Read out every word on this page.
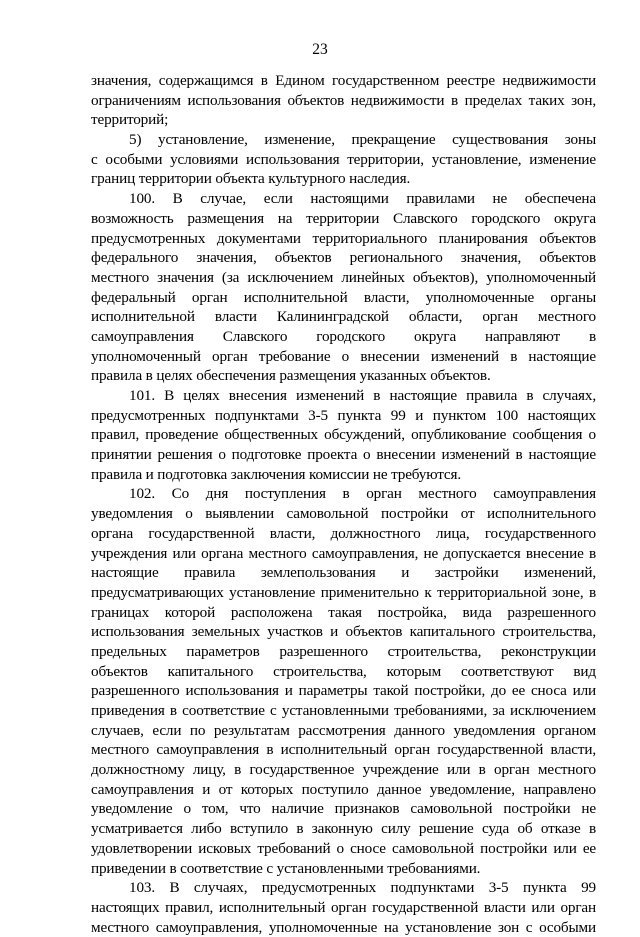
23
значения, содержащимся в Едином государственном реестре недвижимости
ограничениям использования объектов недвижимости в пределах таких зон,
территорий;
5) установление, изменение, прекращение существования зоны
с особыми условиями использования территории, установление, изменение
границ территории объекта культурного наследия.
100. В случае, если настоящими правилами не обеспечена
возможность размещения на территории Славского городского округа
предусмотренных документами территориального планирования объектов
федерального значения, объектов регионального значения, объектов
местного значения (за исключением линейных объектов), уполномоченный
федеральный орган исполнительной власти, уполномоченные органы
исполнительной власти Калининградской области, орган местного
самоуправления Славского городского округа направляют в
уполномоченный орган требование о внесении изменений в настоящие
правила в целях обеспечения размещения указанных объектов.
101. В целях внесения изменений в настоящие правила в случаях,
предусмотренных подпунктами 3-5 пункта 99 и пунктом 100 настоящих
правил, проведение общественных обсуждений, опубликование сообщения о
принятии решения о подготовке проекта о внесении изменений в настоящие
правила и подготовка заключения комиссии не требуются.
102. Со дня поступления в орган местного самоуправления
уведомления о выявлении самовольной постройки от исполнительного
органа государственной власти, должностного лица, государственного
учреждения или органа местного самоуправления, не допускается внесение в
настоящие правила землепользования и застройки изменений,
предусматривающих установление применительно к территориальной зоне, в
границах которой расположена такая постройка, вида разрешенного
использования земельных участков и объектов капитального строительства,
предельных параметров разрешенного строительства, реконструкции
объектов капитального строительства, которым соответствуют вид
разрешенного использования и параметры такой постройки, до ее сноса или
приведения в соответствие с установленными требованиями, за исключением
случаев, если по результатам рассмотрения данного уведомления органом
местного самоуправления в исполнительный орган государственной власти,
должностному лицу, в государственное учреждение или в орган местного
самоуправления и от которых поступило данное уведомление, направлено
уведомление о том, что наличие признаков самовольной постройки не
усматривается либо вступило в законную силу решение суда об отказе в
удовлетворении исковых требований о сносе самовольной постройки или ее
приведении в соответствие с установленными требованиями.
103. В случаях, предусмотренных подпунктами 3-5 пункта 99
настоящих правил, исполнительный орган государственной власти или орган
местного самоуправления, уполномоченные на установление зон с особыми
